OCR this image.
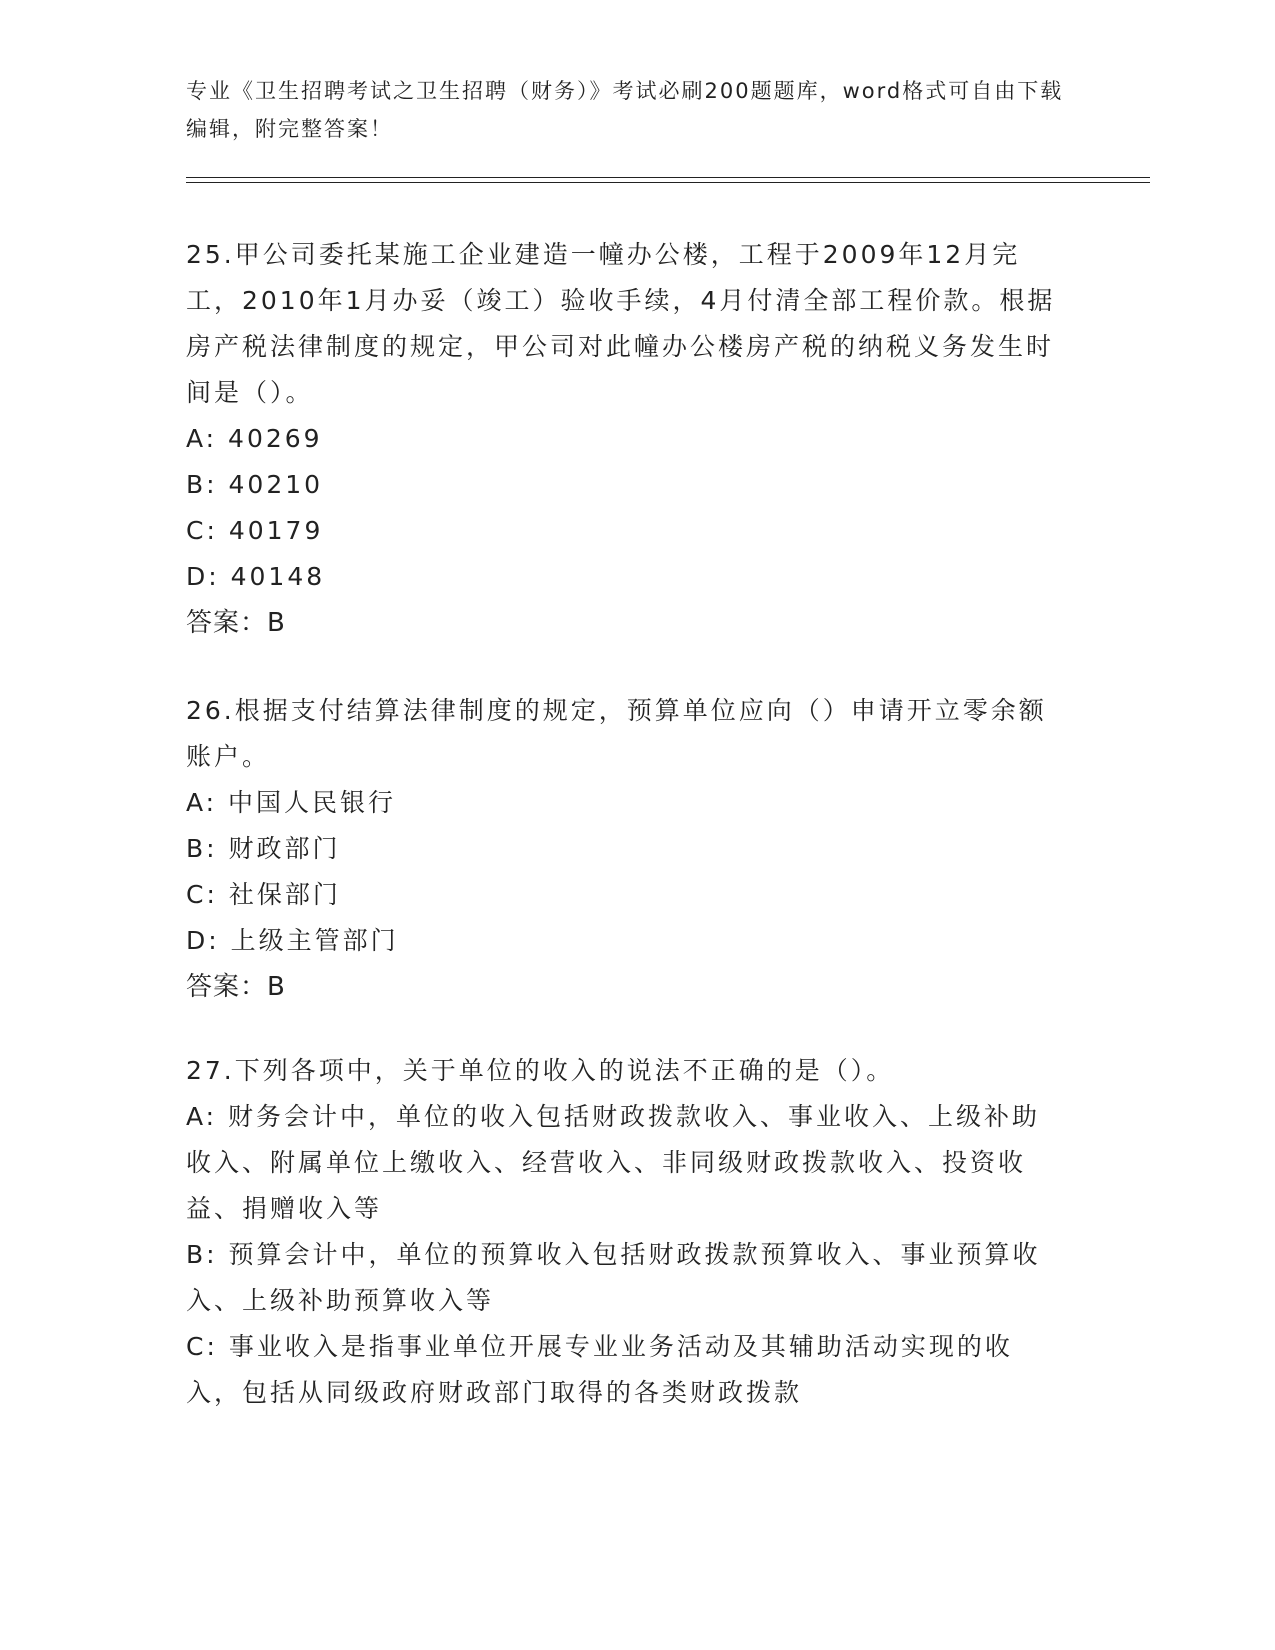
专业《卫生招聘考试之卫生招聘（财务）》考试必刷200题题库，word格式可自由下载编辑，附完整答案！
25.甲公司委托某施工企业建造一幢办公楼，工程于2009年12月完工，2010年1月办妥（竣工）验收手续，4月付清全部工程价款。根据房产税法律制度的规定，甲公司对此幢办公楼房产税的纳税义务发生时间是（）。
A: 40269
B: 40210
C: 40179
D: 40148
答案：B
26.根据支付结算法律制度的规定，预算单位应向（）申请开立零余额账户。
A: 中国人民银行
B: 财政部门
C: 社保部门
D: 上级主管部门
答案：B
27.下列各项中，关于单位的收入的说法不正确的是（）。
A: 财务会计中，单位的收入包括财政拨款收入、事业收入、上级补助收入、附属单位上缴收入、经营收入、非同级财政拨款收入、投资收益、捐赠收入等
B: 预算会计中，单位的预算收入包括财政拨款预算收入、事业预算收入、上级补助预算收入等
C: 事业收入是指事业单位开展专业业务活动及其辅助活动实现的收入，包括从同级政府财政部门取得的各类财政拨款
